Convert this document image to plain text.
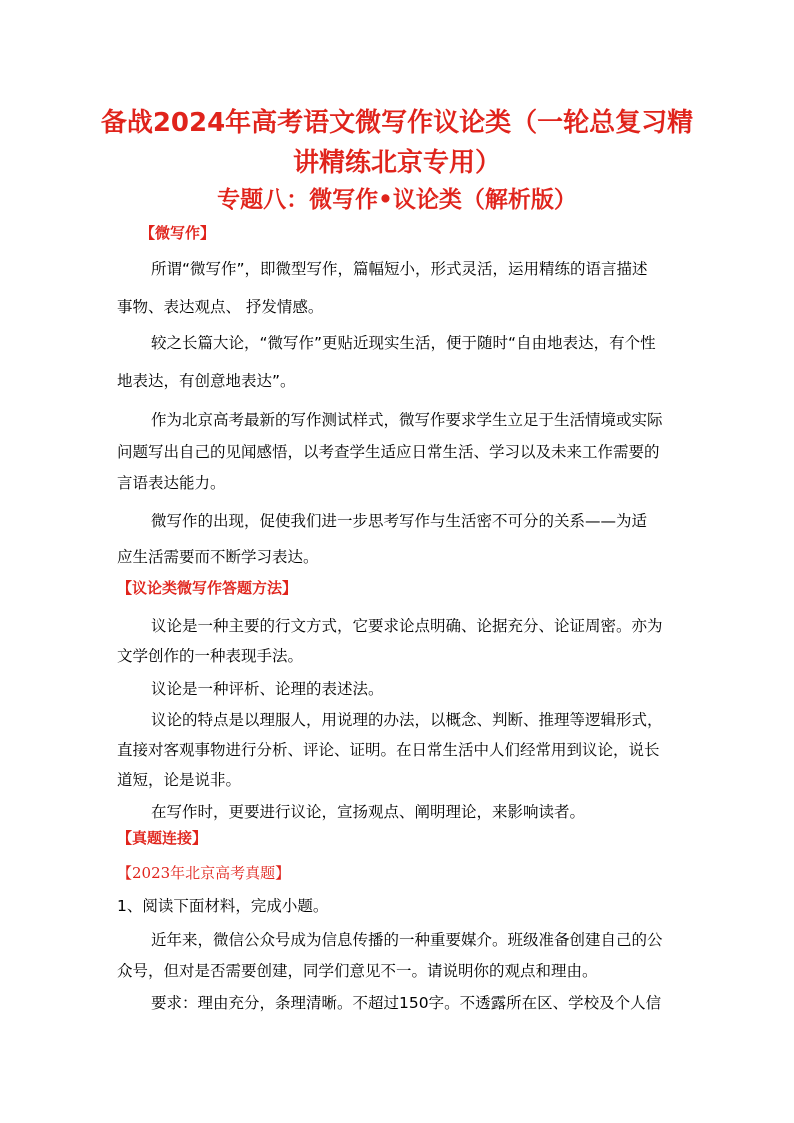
备战2024年高考语文微写作议论类（一轮总复习精
讲精练北京专用）
专题八：微写作•议论类（解析版）
【微写作】
所谓“微写作”，即微型写作，篇幅短小，形式灵活，运用精练的语言描述
事物、表达观点、 抒发情感。
较之长篇大论，“微写作”更贴近现实生活，便于随时“自由地表达，有个性
地表达，有创意地表达”。
作为北京高考最新的写作测试样式，微写作要求学生立足于生活情境或实际
问题写出自己的见闻感悟，以考查学生适应日常生活、学习以及未来工作需要的
言语表达能力。
微写作的出现，促使我们进一步思考写作与生活密不可分的关系——为适
应生活需要而不断学习表达。
【议论类微写作答题方法】
议论是一种主要的行文方式，它要求论点明确、论据充分、论证周密。亦为
文学创作的一种表现手法。
议论是一种评析、论理的表述法。
议论的特点是以理服人，用说理的办法，以概念、判断、推理等逻辑形式，
直接对客观事物进行分析、评论、证明。在日常生活中人们经常用到议论，说长
道短，论是说非。
在写作时，更要进行议论，宣扬观点、阐明理论，来影响读者。
【真题连接】
【2023年北京高考真题】
1、阅读下面材料，完成小题。
近年来，微信公众号成为信息传播的一种重要媒介。班级准备创建自己的公
众号，但对是否需要创建，同学们意见不一。请说明你的观点和理由。
要求：理由充分，条理清晰。不超过150字。不透露所在区、学校及个人信
